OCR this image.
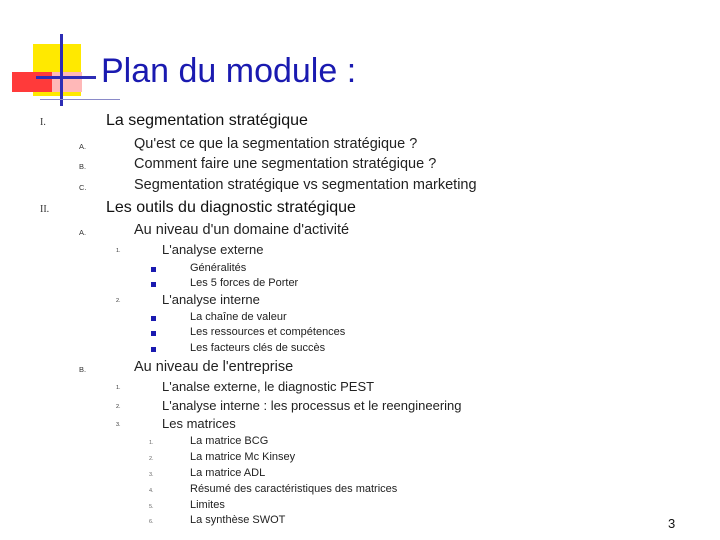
Plan du module :
I.	La segmentation stratégique
A.	Qu'est ce que la segmentation stratégique ?
B.	Comment faire une segmentation stratégique ?
C.	Segmentation stratégique vs segmentation marketing
II.	Les outils du diagnostic stratégique
A.	Au niveau d'un domaine d'activité
1.	L'analyse externe
Généralités
Les 5 forces de Porter
2.	L'analyse interne
La chaîne de valeur
Les ressources et compétences
Les facteurs clés de succès
B.	Au niveau de l'entreprise
1.	L'analse externe, le diagnostic PEST
2.	L'analyse interne : les processus et le reengineering
3.	Les matrices
1.	La matrice BCG
2.	La matrice Mc Kinsey
3.	La matrice ADL
4.	Résumé des caractéristiques des matrices
5.	Limites
6.	La synthèse SWOT	3
